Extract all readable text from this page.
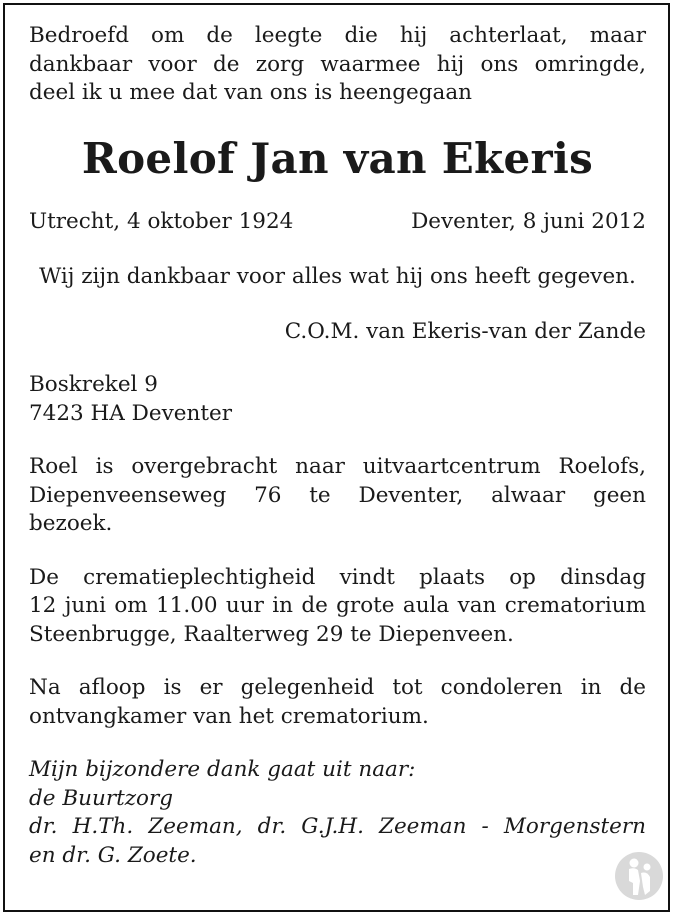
Bedroefd om de leegte die hij achterlaat, maar
dankbaar voor de zorg waarmee hij ons omringde,
deel ik u mee dat van ons is heengegaan

Roelof Jan van Ekeris
Utrecht, 4 oktober 1924	Deventer, 8 juni 2012

Wij zijn dankbaar voor alles wat hij ons heeft gegeven.

C.O.M. van Ekeris-van der Zande

Boskrekel 9
7423 HA Deventer

Roel is overgebracht naar uitvaartcentrum Roelofs,
Diepenveenseweg 76 te Deventer, alwaar geen
bezoek.

De crematieplechtigheid vindt plaats op dinsdag
12 juni om 11.00 uur in de grote aula van crematorium
Steenbrugge, Raalterweg 29 te Diepenveen.

Na afloop is er gelegenheid tot condoleren in de
ontvangkamer van het crematorium.

Mijn bijzondere dank gaat uit naar:
de Buurtzorg
dr. H.Th. Zeeman, dr. G.J.H. Zeeman - Morgenstern
en dr. G. Zoete.
